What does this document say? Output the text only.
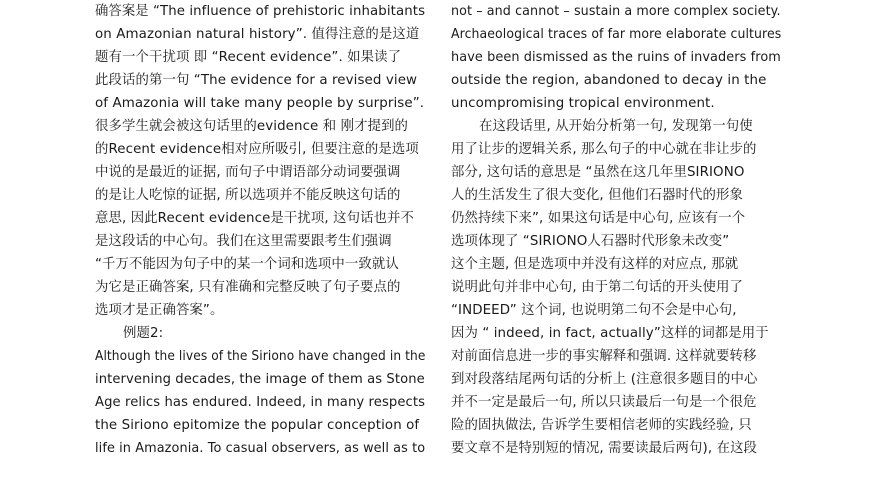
确答案是 “The influence of prehistoric inhabitants
on Amazonian natural history”. 值得注意的是这道
题有一个干扰项 即 “Recent evidence”. 如果读了
此段话的第一句 “The evidence for a revised view
of Amazonia will take many people by surprise”.
很多学生就会被这句话里的evidence 和 刚才提到的
的Recent evidence相对应所吸引, 但要注意的是选项
中说的是最近的证据, 而句子中谓语部分动词要强调
的是让人吃惊的证据, 所以选项并不能反映这句话的
意思, 因此Recent evidence是干扰项, 这句话也并不
是这段话的中心句。我们在这里需要跟考生们强调
“千万不能因为句子中的某一个词和选项中一致就认
为它是正确答案, 只有准确和完整反映了句子要点的
选项才是正确答案”。
例题2:
Although the lives of the Siriono have changed in the
intervening decades, the image of them as Stone
Age relics has endured. Indeed, in many respects
the Sirionο epitomize the popular conception of
life in Amazonia. To casual observers, as well as to
not – and cannot – sustain a more complex society.
Archaeological traces of far more elaborate cultures
have been dismissed as the ruins of invaders from
outside the region, abandoned to decay in the
uncompromising tropical environment.
在这段话里, 从开始分析第一句, 发现第一句使
用了让步的逻辑关系, 那么句子的中心就在非让步的
部分, 这句话的意思是 “虽然在这几年里SIRIONO
人的生活发生了很大变化, 但他们石器时代的形象
仍然持续下来”, 如果这句话是中心句, 应该有一个
选项体现了 “SIRIONO人石器时代形象未改变”
这个主题, 但是选项中并没有这样的对应点, 那就
说明此句并非中心句, 由于第二句话的开头使用了
“INDEED” 这个词, 也说明第二句不会是中心句,
因为 “ indeed, in fact, actually”这样的词都是用于
对前面信息进一步的事实解释和强调. 这样就要转移
到对段落结尾两句话的分析上 (注意很多题目的中心
并不一定是最后一句, 所以只读最后一句是一个很危
险的固执做法, 告诉学生要相信老师的实践经验, 只
要文章不是特别短的情况, 需要读最后两句), 在这段
